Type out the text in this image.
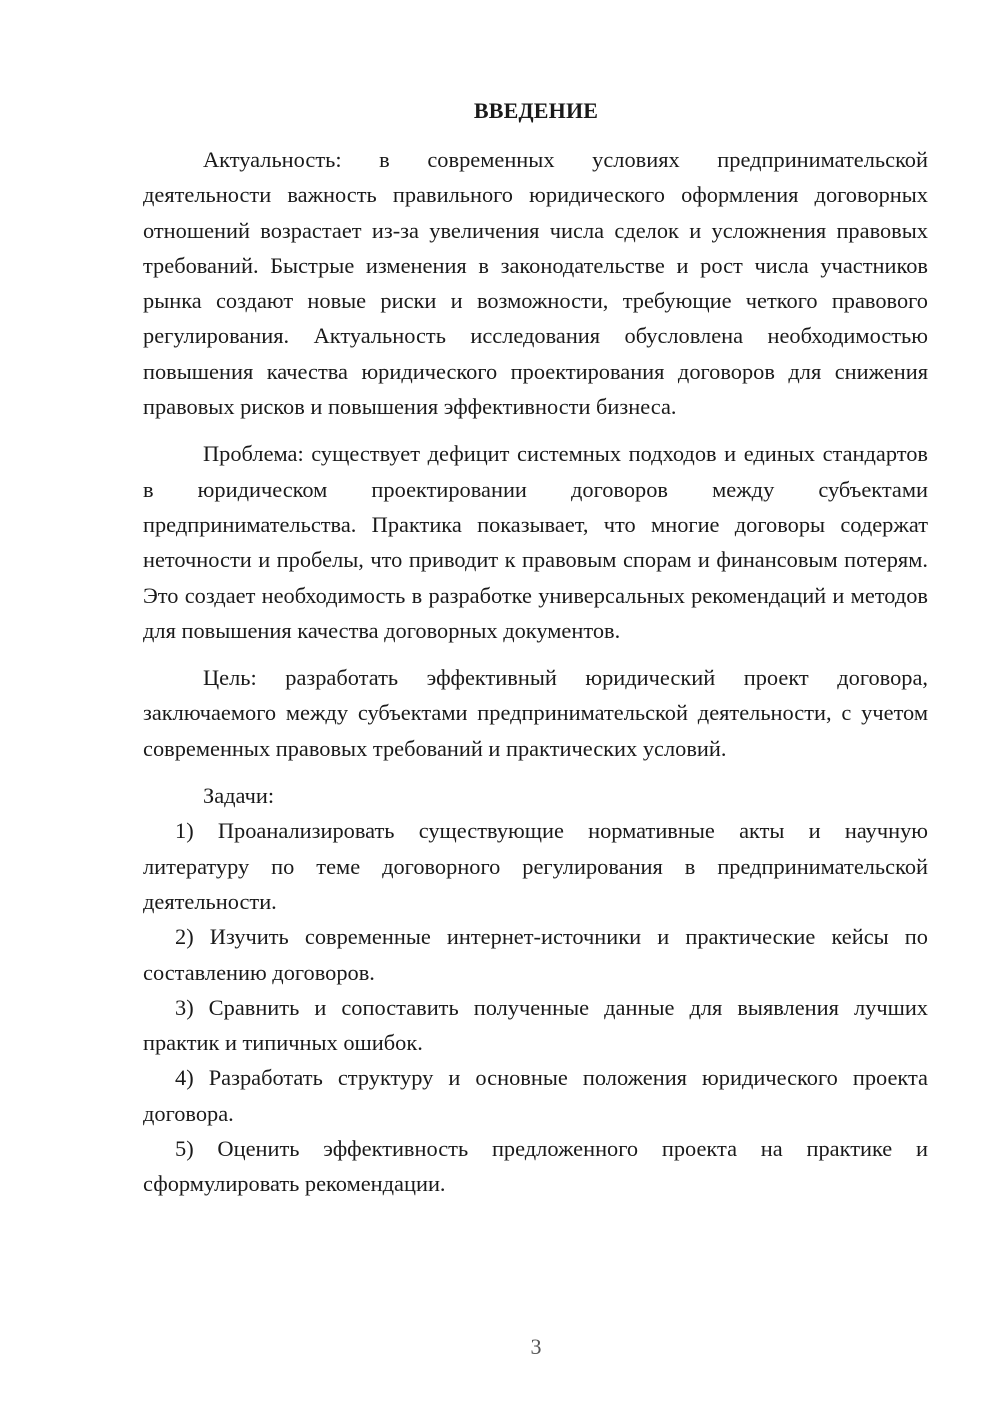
ВВЕДЕНИЕ

Актуальность: в современных условиях предпринимательской деятельности важность правильного юридического оформления договорных отношений возрастает из-за увеличения числа сделок и усложнения правовых требований. Быстрые изменения в законодательстве и рост числа участников рынка создают новые риски и возможности, требующие четкого правового регулирования. Актуальность исследования обусловлена необходимостью повышения качества юридического проектирования договоров для снижения правовых рисков и повышения эффективности бизнеса.

Проблема: существует дефицит системных подходов и единых стандартов в юридическом проектировании договоров между субъектами предпринимательства. Практика показывает, что многие договоры содержат неточности и пробелы, что приводит к правовым спорам и финансовым потерям. Это создает необходимость в разработке универсальных рекомендаций и методов для повышения качества договорных документов.

Цель: разработать эффективный юридический проект договора, заключаемого между субъектами предпринимательской деятельности, с учетом современных правовых требований и практических условий.

Задачи:

1) Проанализировать существующие нормативные акты и научную литературу по теме договорного регулирования в предпринимательской деятельности.

2) Изучить современные интернет-источники и практические кейсы по составлению договоров.

3) Сравнить и сопоставить полученные данные для выявления лучших практик и типичных ошибок.

4) Разработать структуру и основные положения юридического проекта договора.

5) Оценить эффективность предложенного проекта на практике и сформулировать рекомендации.

3
